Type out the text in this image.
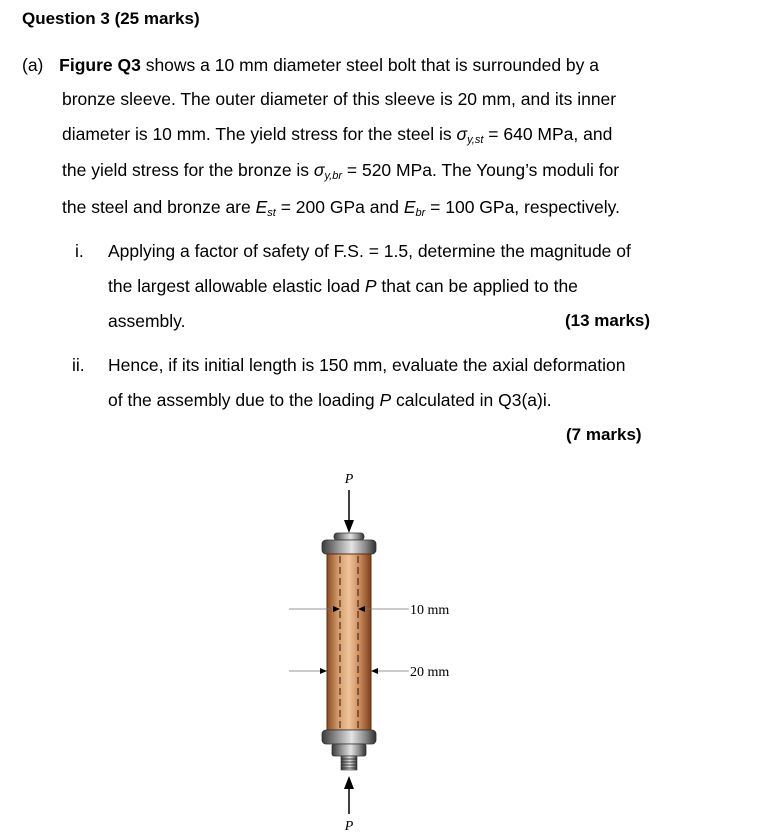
Question 3 (25 marks)
(a) Figure Q3 shows a 10 mm diameter steel bolt that is surrounded by a
bronze sleeve. The outer diameter of this sleeve is 20 mm, and its inner
diameter is 10 mm. The yield stress for the steel is σy,st = 640 MPa, and
the yield stress for the bronze is σy,br = 520 MPa. The Young’s moduli for
the steel and bronze are Est = 200 GPa and Ebr = 100 GPa, respectively.
i. Applying a factor of safety of F.S. = 1.5, determine the magnitude of
the largest allowable elastic load P that can be applied to the
assembly.	(13 marks)
ii. Hence, if its initial length is 150 mm, evaluate the axial deformation
of the assembly due to the loading P calculated in Q3(a)i.
(7 marks)
P
P
10 mm
20 mm
